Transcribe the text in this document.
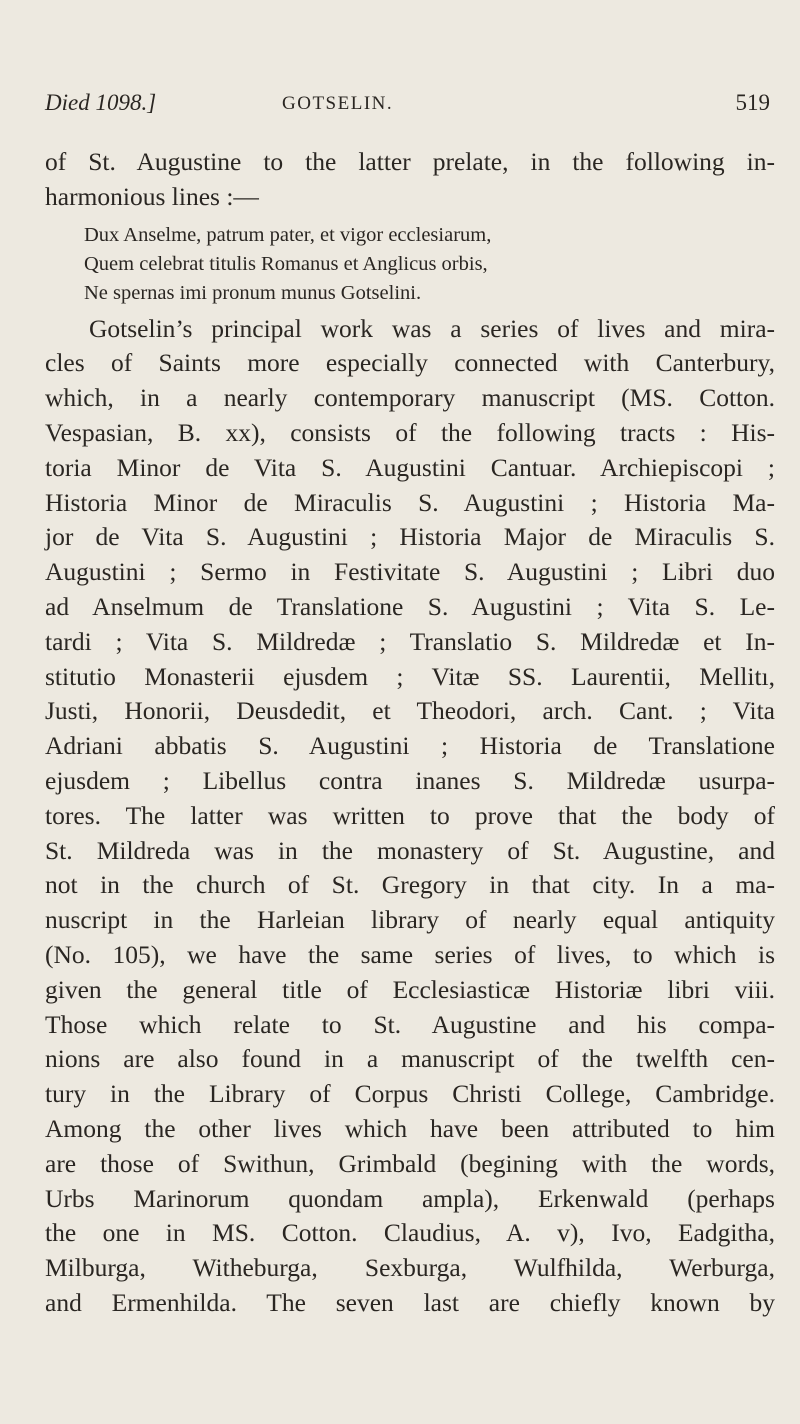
Died 1098.]	GOTSELIN.	519
of St. Augustine to the latter prelate, in the following in-
harmonious lines :—
Dux Anselme, patrum pater, et vigor ecclesiarum,
Quem celebrat titulis Romanus et Anglicus orbis,
Ne spernas imi pronum munus Gotselini.
Gotselin’s principal work was a series of lives and mira-
cles of Saints more especially connected with Canterbury,
which, in a nearly contemporary manuscript (MS. Cotton.
Vespasian, B. xx), consists of the following tracts : His-
toria Minor de Vita S. Augustini Cantuar. Archiepiscopi ;
Historia Minor de Miraculis S. Augustini ; Historia Ma-
jor de Vita S. Augustini ; Historia Major de Miraculis S.
Augustini ; Sermo in Festivitate S. Augustini ; Libri duo
ad Anselmum de Translatione S. Augustini ; Vita S. Le-
tardi ; Vita S. Mildredæ ; Translatio S. Mildredæ et In-
stitutio Monasterii ejusdem ; Vitæ SS. Laurentii, Mellitı,
Justi, Honorii, Deusdedit, et Theodori, arch. Cant. ; Vita
Adriani abbatis S. Augustini ; Historia de Translatione
ejusdem ; Libellus contra inanes S. Mildredæ usurpa-
tores. The latter was written to prove that the body of
St. Mildreda was in the monastery of St. Augustine, and
not in the church of St. Gregory in that city. In a ma-
nuscript in the Harleian library of nearly equal antiquity
(No. 105), we have the same series of lives, to which is
given the general title of Ecclesiasticæ Historiæ libri viii.
Those which relate to St. Augustine and his compa-
nions are also found in a manuscript of the twelfth cen-
tury in the Library of Corpus Christi College, Cambridge.
Among the other lives which have been attributed to him
are those of Swithun, Grimbald (begining with the words,
Urbs Marinorum quondam ampla), Erkenwald (perhaps
the one in MS. Cotton. Claudius, A. v), Ivo, Eadgitha,
Milburga, Witheburga, Sexburga, Wulfhilda, Werburga,
and Ermenhilda. The seven last are chiefly known by
